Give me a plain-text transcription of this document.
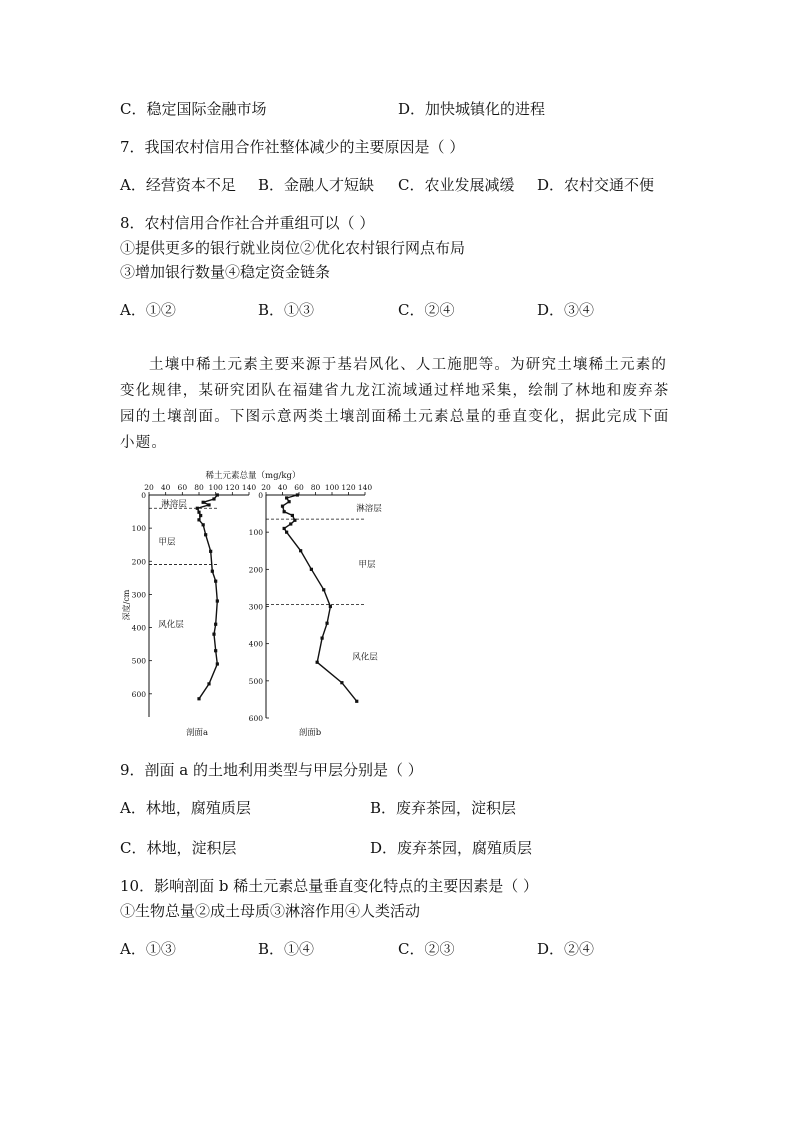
C．稳定国际金融市场	D．加快城镇化的进程
7．我国农村信用合作社整体减少的主要原因是（ ）
A．经营资本不足 B．金融人才短缺 C．农业发展减缓 D．农村交通不便
8．农村信用合作社合并重组可以（ ）
①提供更多的银行就业岗位②优化农村银行网点布局
③增加银行数量④稳定资金链条
A．①②	B．①③	C．②④	D．③④
土壤中稀土元素主要来源于基岩风化、人工施肥等。为研究土壤稀土元素的变化规律，某研究团队在福建省九龙江流域通过样地采集，绘制了林地和废弃茶园的土壤剖面。下图示意两类土壤剖面稀土元素总量的垂直变化，据此完成下面小题。
20 40 60 80 100 120 140
0
100
200
300
400
500
600
淋溶层
甲层
风化层
剖面a
20 40 60 80 100 120 140
0
100
200
300
400
500
600
淋溶层
甲层
风化层
剖面b
稀土元素总量（mg/kg）
深度/cm
9．剖面 a 的土地利用类型与甲层分别是（ ）
A．林地，腐殖质层	B．废弃茶园，淀积层
C．林地，淀积层	D．废弃茶园，腐殖质层
10．影响剖面 b 稀土元素总量垂直变化特点的主要因素是（ ）
①生物总量②成土母质③淋溶作用④人类活动
A．①③	B．①④	C．②③	D．②④
